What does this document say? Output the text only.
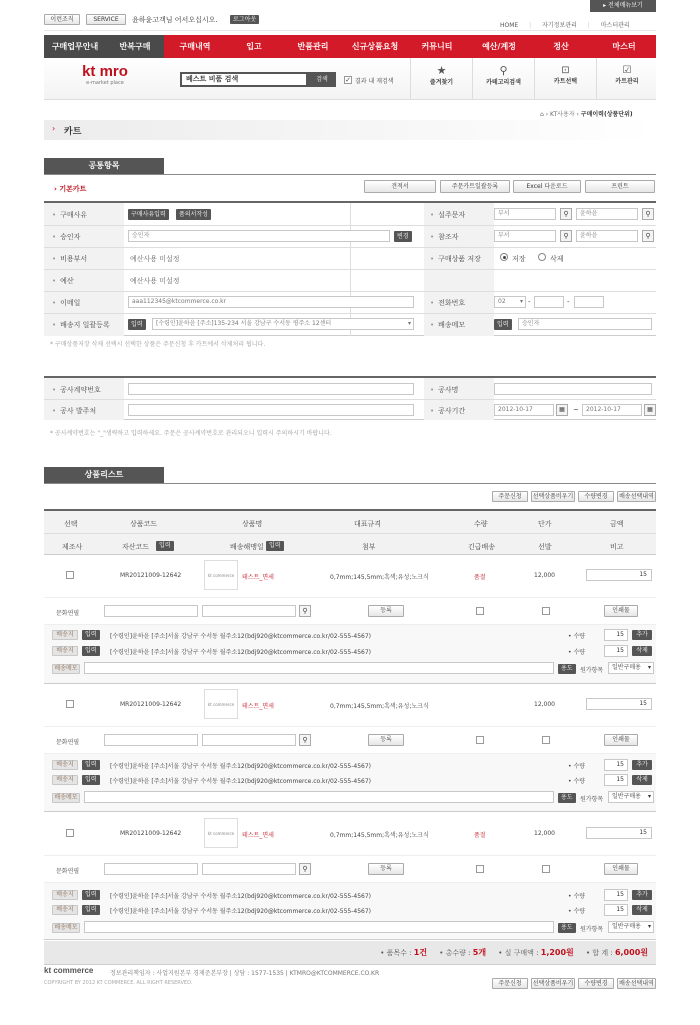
이런조직	SERVICE	윤하윤고객님 어서오십시오.	로그아웃
▸ 전체메뉴보기
HOME | 자기정보관리 | 마스터관리
구매업무안내	반복구매	구매내역	입고	반품관리	신규상품요청	커뮤니티	예산/계정	정산	마스터
kt mro
e-market place	베스트 비품 검색	검색	✓ 결과 내 재검색
★
즐겨찾기
⚲
카테고리검색
⊡
카트선택
☑
카트관리
⌂ › KT사용자 › 구매이력(상품단위)
› 카트
공통항목
› 기본카트	견적서	주문카트일괄등록	Excel 다운로드	프린트
• 구매사유	구매사유입력	품의서작성	• 설주문자	부서	⚲	윤하윤	⚲
• 승인자	승인자	변경	• 참조자	부서	⚲	윤하윤	⚲
• 비용부서	예산사용 미설정	• 구매상품 저장	저장	삭제
• 예산	예산사용 미설정
• 이메일	aaa112345@ktcommerce.co.kr	• 전화번호	02 ▾ -	-
• 배송지 일괄등록	입력	[수령인]윤하윤 [주소]135-234 서울 강남구 수서동 평주소 12센터	▾	• 배송메모	입력	승인자
* 구매상품저장 삭제 선택시 선택한 상품은 주문신청 후 카트에서 삭제처리 됩니다.
• 공사계약번호	• 공사명
• 공사 발주처	• 공사기간	2012-10-17	▦	~	2012-10-17	▦
* 공사계약번호는 "_"생략하고 입력하세요. 주문은 공사계약번호로 관리되오니 입력시 주의하시기 바랍니다.
상품리스트
주문신청	선택상품비우기	수량변경	배송선택내역
선택	상품코드	상품명	대표규격	수량	단가	금액
제조사	자산코드	입력	배송해맹일 입력	첨부	긴급배송	선발	비고
MR20121009-12642	kt commerce	테스트_면세	0,7mm;145,5mm;흑색;유성;노크식	품절	12,000	15
문화연필	⚲	등록	인쇄물
배송지	입력	[수령인]윤하윤 [주소]서울 강남구 수서동 월주소12(bdj920@ktcommerce.co.kr/02-555-4567)	• 수량	15	추가
배송지	입력	[수령인]윤하윤 [주소]서울 강남구 수서동 월주소12(bdj920@ktcommerce.co.kr/02-555-4567)	• 수량	15	삭제
배송메모	용도	원가항목	일반구매용 ▾
MR20121009-12642	kt commerce	테스트_면세	0,7mm;145,5mm;흑색;유성;노크식	12,000	15
문화연필	⚲	등록	인쇄물
배송지	입력	[수령인]윤하윤 [주소]서울 강남구 수서동 월주소12(bdj920@ktcommerce.co.kr/02-555-4567)	• 수량	15	추가
배송지	입력	[수령인]윤하윤 [주소]서울 강남구 수서동 월주소12(bdj920@ktcommerce.co.kr/02-555-4567)	• 수량	15	삭제
배송메모	용도	원가항목	일반구매용 ▾
MR20121009-12642	kt commerce	테스트_면세	0,7mm;145,5mm;흑색;유성;노크식	품절	12,000	15
문화연필	⚲	등록	인쇄물
배송지	입력	[수령인]윤하윤 [주소]서울 강남구 수서동 월주소12(bdj920@ktcommerce.co.kr/02-555-4567)	• 수량	15	추가
배송지	입력	[수령인]윤하윤 [주소]서울 강남구 수서동 월주소12(bdj920@ktcommerce.co.kr/02-555-4567)	• 수량	15	삭제
배송메모	용도	원가항목	일반구매용 ▾
• 품목수 : 1건 • 총수량 : 5개 • 실 구매액 : 1,200원 • 합 계 : 6,000원
kt commerce	정보관리책임자 : 사업지원본부 경제준본부장 | 상담 : 1577-1535 | KTMRO@KTCOMMERCE.CO.KR
COPYRIGHT BY 2012 KT COMMERCE. ALL RIGHT RESERVED.	주문신청	선택상품비우기	수량변경	배송선택내역
